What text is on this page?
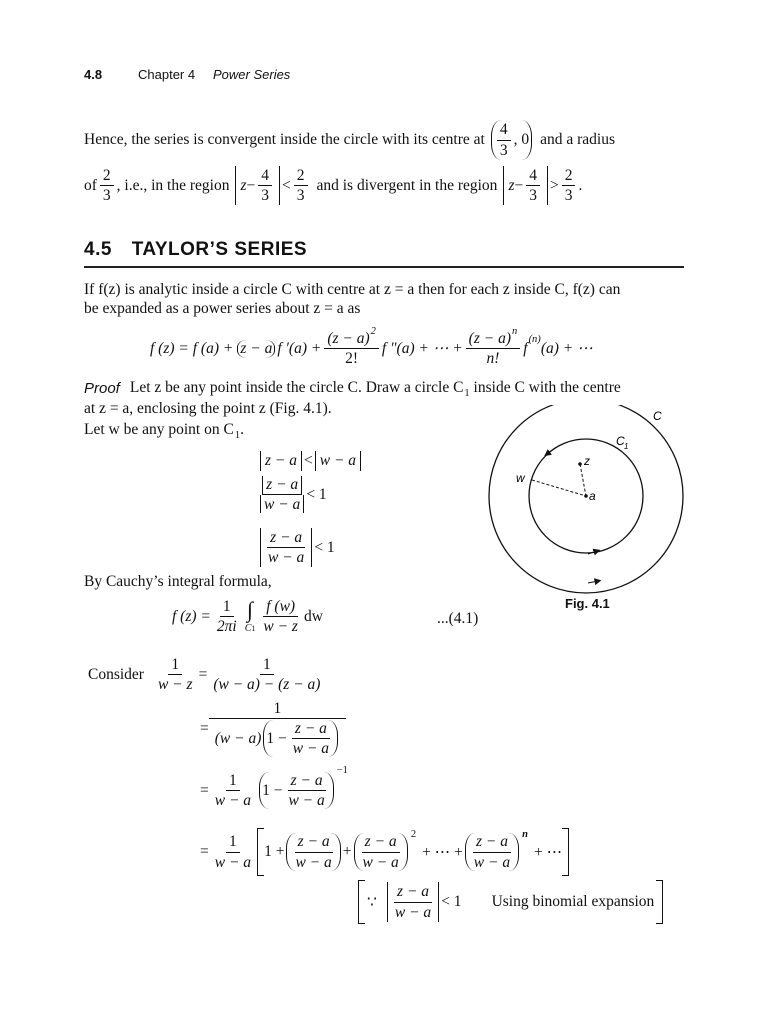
4.8	Chapter 4 Power Series
Hence, the series is convergent inside the circle with its centre at $\frac{4}{3}$ , 0 and a radius
of $\frac{2}{3}$ , i.e., in the region $z - \frac{4}{3} < \frac{2}{3}$ and is divergent in the region $z - \frac{4}{3} > \frac{2}{3}$ .
4.5 TAYLOR’S SERIES
If f(z) is analytic inside a circle C with centre at z = a then for each z inside C, f(z) can
be expanded as a power series about z = a as
f (z) = f (a) + z − a f $'(a) + \frac{(z - a)^2}{2!}$ f ″(a) + ⋯ + $\frac{(z - a)^n}{n!}$ f (n)
(a) + ⋯
Proof Let z be any point inside the circle C. Draw a circle C 1 inside C with the centre
at z = a, enclosing the point z (Fig. 4.1).
Let w be any point on C 1 .
z − a < w − a
$\frac{z - a}{w - a} < 1$
$\frac{z - a}{w - a} < 1$
By Cauchy’s integral formula,
f $(z) = \frac{1}{2\pi i}$ ∫
$C1 \frac{f (w)}{w - z}$ dw	...(4.1)
Consider $\frac{1}{w - z} = \frac{1}{(w - a) - (z - a)}$
=
1
(w − a) $1 - \frac{z - a}{w - a}$
= $\frac{1}{w - a} 1 - \frac{z - a}{w - a}$
−1
= $\frac{1}{w - a} 1 + \frac{z - a}{w - a} + \frac{z - a}{w - a} 2$
+ ⋯ + $\frac{z - a}{w - a}$ n
+ ⋯
∵ $\frac{z - a}{w - a} < 1$ Using binomial expansion
C
C 1
w
z
a
Fig. 4.1
